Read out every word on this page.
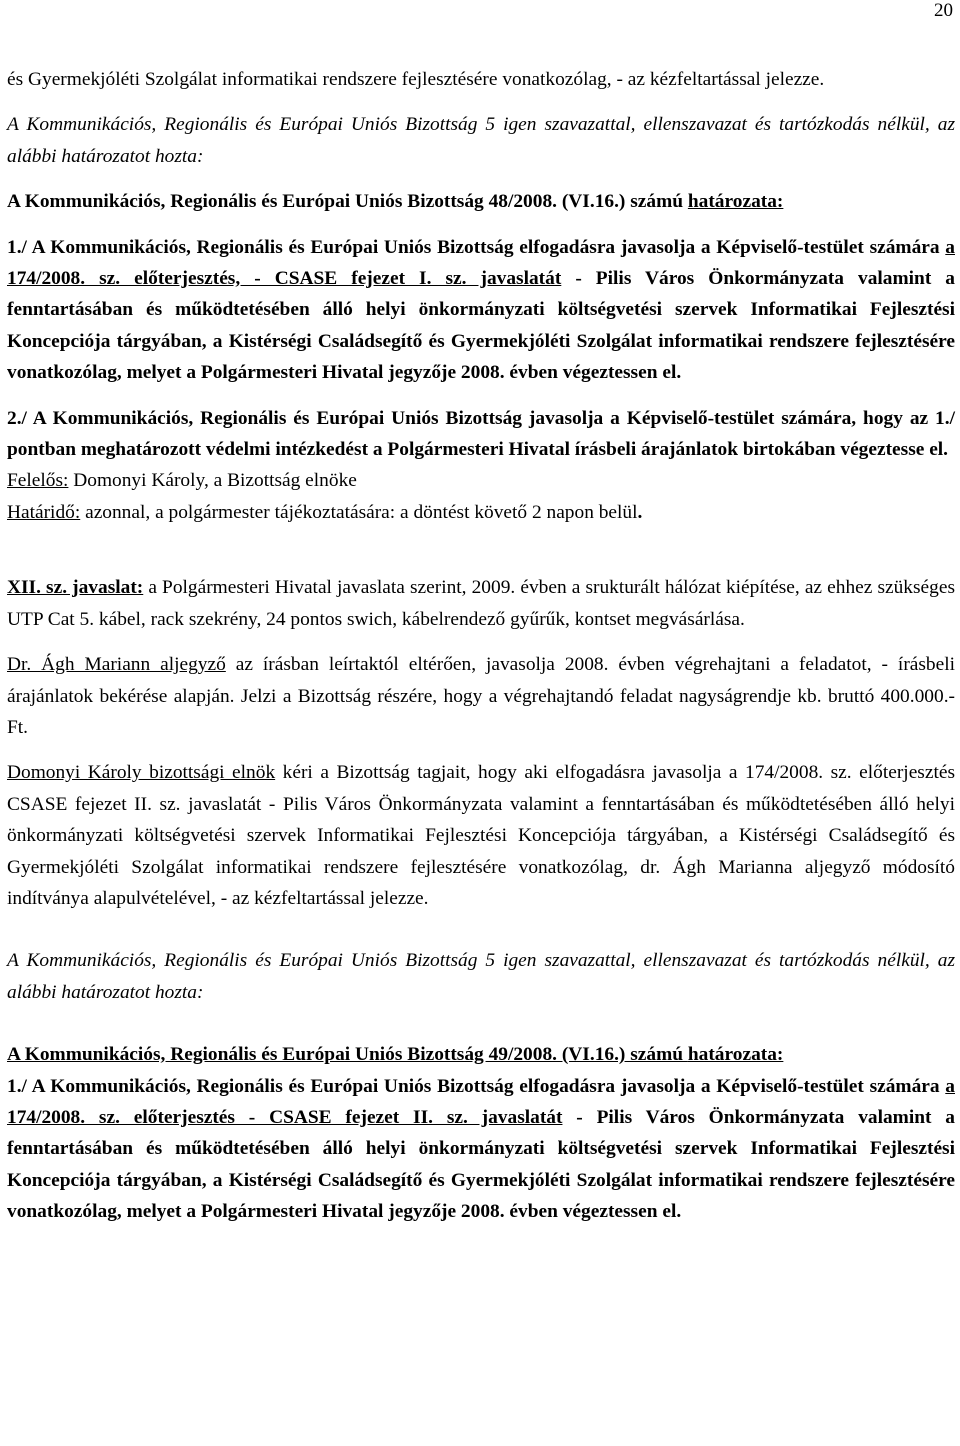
20

és Gyermekjóléti Szolgálat informatikai rendszere fejlesztésére vonatkozólag, - az kézfeltartással jelezze.

A Kommunikációs, Regionális és Európai Uniós Bizottság 5 igen szavazattal, ellenszavazat és tartózkodás nélkül, az alábbi határozatot hozta:

A Kommunikációs, Regionális és Európai Uniós Bizottság 48/2008. (VI.16.) számú határozata:

1./ A Kommunikációs, Regionális és Európai Uniós Bizottság elfogadásra javasolja a Képviselő-testület számára a 174/2008. sz. előterjesztés, - CSASE fejezet I. sz. javaslatát - Pilis Város Önkormányzata valamint a fenntartásában és működtetésében álló helyi önkormányzati költségvetési szervek Informatikai Fejlesztési Koncepciója tárgyában, a Kistérségi Családsegítő és Gyermekjóléti Szolgálat informatikai rendszere fejlesztésére vonatkozólag, melyet a Polgármesteri Hivatal jegyzője 2008. évben végeztessen el.

2./ A Kommunikációs, Regionális és Európai Uniós Bizottság javasolja a Képviselő-testület számára, hogy az 1./ pontban meghatározott védelmi intézkedést a Polgármesteri Hivatal írásbeli árajánlatok birtokában végeztesse el.

Felelős: Domonyi Károly, a Bizottság elnöke

Határidő: azonnal, a polgármester tájékoztatására: a döntést követő 2 napon belül.

XII. sz. javaslat: a Polgármesteri Hivatal javaslata szerint, 2009. évben a srukturált hálózat kiépítése, az ehhez szükséges UTP Cat 5. kábel, rack szekrény, 24 pontos swich, kábelrendező gyűrűk, kontset megvásárlása.

Dr. Ágh Mariann aljegyző az írásban leírtaktól eltérően, javasolja 2008. évben végrehajtani a feladatot, - írásbeli árajánlatok bekérése alapján. Jelzi a Bizottság részére, hogy a végrehajtandó feladat nagyságrendje kb. bruttó 400.000.- Ft.

Domonyi Károly bizottsági elnök kéri a Bizottság tagjait, hogy aki elfogadásra javasolja a 174/2008. sz. előterjesztés CSASE fejezet II. sz. javaslatát - Pilis Város Önkormányzata valamint a fenntartásában és működtetésében álló helyi önkormányzati költségvetési szervek Informatikai Fejlesztési Koncepciója tárgyában, a Kistérségi Családsegítő és Gyermekjóléti Szolgálat informatikai rendszere fejlesztésére vonatkozólag, dr. Ágh Marianna aljegyző módosító indítványa alapulvételével, - az kézfeltartással jelezze.

A Kommunikációs, Regionális és Európai Uniós Bizottság 5 igen szavazattal, ellenszavazat és tartózkodás nélkül, az alábbi határozatot hozta:

A Kommunikációs, Regionális és Európai Uniós Bizottság 49/2008. (VI.16.) számú határozata:

1./ A Kommunikációs, Regionális és Európai Uniós Bizottság elfogadásra javasolja a Képviselő-testület számára a 174/2008. sz. előterjesztés - CSASE fejezet II. sz. javaslatát - Pilis Város Önkormányzata valamint a fenntartásában és működtetésében álló helyi önkormányzati költségvetési szervek Informatikai Fejlesztési Koncepciója tárgyában, a Kistérségi Családsegítő és Gyermekjóléti Szolgálat informatikai rendszere fejlesztésére vonatkozólag, melyet a Polgármesteri Hivatal jegyzője 2008. évben végeztessen el.
